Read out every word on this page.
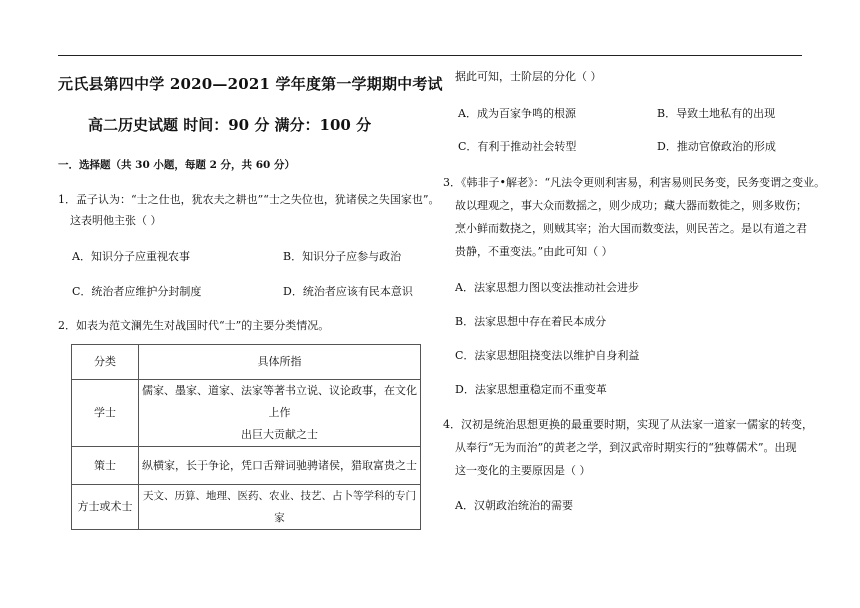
元氏县第四中学 2020—2021 学年度第一学期期中考试
高二历史试题 时间：90 分 满分：100 分
一．选择题（共 30 小题，每题 2 分，共 60 分）
1．孟子认为：“士之仕也，犹农夫之耕也”“士之失位也，犹诸侯之失国家也”。
这表明他主张（ ）
A．知识分子应重视农事	B．知识分子应参与政治
C．统治者应维护分封制度	D．统治者应该有民本意识
2．如表为范文澜先生对战国时代“士”的主要分类情况。
分类	具体所指
学士	儒家、墨家、道家、法家等著书立说、议论政事，在文化上作
出巨大贡献之士

策士	纵横家，长于争论，凭口舌辩词驰骋诸侯，猎取富贵之士
方士或术士	天文、历算、地理、医药、农业、技艺、占卜等学科的专门家
据此可知，士阶层的分化（ ）
A．成为百家争鸣的根源	B．导致土地私有的出现
C．有利于推动社会转型	D．推动官僚政治的形成
3．《韩非子•解老》：“凡法令更则利害易，利害易则民务变，民务变谓之变业。
故以理观之，事大众而数摇之，则少成功；藏大器而数徙之，则多败伤；
烹小鲜而数挠之，则贼其宰；治大国而数变法，则民苦之。是以有道之君
贵静，不重变法。”由此可知（ ）
A．法家思想力图以变法推动社会进步
B．法家思想中存在着民本成分
C．法家思想阻挠变法以维护自身利益
D．法家思想重稳定而不重变革
4．汉初是统治思想更换的最重要时期，实现了从法家一道家一儒家的转变，
从奉行“无为而治”的黄老之学，到汉武帝时期实行的“独尊儒术”。出现
这一变化的主要原因是（ ）
A．汉朝政治统治的需要
